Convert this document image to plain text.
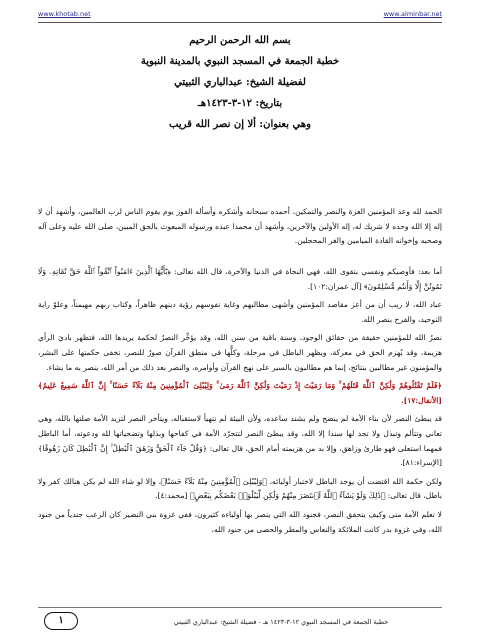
www.khotab.net	www.alminbar.net
بسم الله الرحمن الرحيم
خطبة الجمعة في المسجد النبوي بالمدينة النبوية
لفضيلة الشيخ: عبدالباري الثبيتي
بتاريخ: ١٢-٣-١٤٢٣هـ
وهي بعنوان: ألا إن نصر الله قريب

الحمد لله وعد المؤمنين العزة والنصر والتمكين، أحمده سبحانه وأشكره وأسأله الفوز يوم يقوم الناس لرب العالمين، وأشهد أن لا إله إلا الله وحده لا شريك له، إله الأولين والآخرين، وأشهد أن محمدا عبده ورسوله المبعوث بالحق المبين، صلى الله عليه وعلى آله وصحبه وإخوانه القادة الميامين والغر المحجلين.

أما بعد: فأوصيكم ونفسي بتقوى الله، فهي النجاة في الدنيا والآخرة، قال الله تعالى: ﴿يَٰٓأَيُّهَا ٱلَّذِينَ ءَامَنُواْ ٱتَّقُواْ ٱللَّهَ حَقَّ تُقَاتِهِۦ وَلَا تَمُوتُنَّ إِلَّا وَأَنتُم مُّسْلِمُونَ﴾ [آل عمران:١٠٢].

عباد الله، لا ريب أن من أعز مقاصد المؤمنين وأشهى مطالبهم وغاية نفوسهم رؤية دينهم ظاهراً، وكتاب ربهم مهيمناً، وعلوّ راية التوحيد، والفرح بنصر الله.

نصرُ الله للمؤمنين حقيقة من حقائق الوجود، وسنة باقية من سنن الله، وقد يؤخِّر النصرُ لحكمة يريدها الله، فتظهر باديَ الرأي هزيمة، وقد يُهزم الحق في معركة، ويظهر الباطل في مرحلة، وكلُّها في منطق القرآن صورٌ للنصر، تخفى حكمتها على البشر، والمؤمنون غير مطالبين بنتائج، إنما هم مطالبون بالسير على نهج القرآن وأوامره، والنصر بعد ذلك من أمر الله، ينصر به ما يشاء.

﴿فَلَمْ تَقْتُلُوهُمْ وَلَٰكِنَّ ٱللَّهَ قَتَلَهُمْ ۚ وَمَا رَمَيْتَ إِذْ رَمَيْتَ وَلَٰكِنَّ ٱللَّهَ رَمَىٰ ۚ وَلِيُبْلِىَ ٱلْمُؤْمِنِينَ مِنْهُ بَلَآءً حَسَنًا ۚ إِنَّ ٱللَّهَ سَمِيعٌ عَلِيمٌ﴾ [الأنفال:١٧].

قد يبطئ النصر لأن بناء الأمة لم ينضج ولم يشتد ساعده، ولأن البيئة لم تتهيأ لاستقباله، ويتأخر النصر لتزيد الأمة صلتها بالله، وهي تعاني وتتألم وتبذل ولا تجد لها سندا إلا الله، وقد يبطئ النصر لتتجرّد الأمة في كفاحها وبذلها وتضحياتها لله ودعوته، أما الباطل فمهما استعلى فهو طارئ وزاهق، وإلا بد من هزيمته أمام الحق، قال تعالى: ﴿وَقُلْ جَآءَ ٱلْحَقُّ وَزَهَقَ ٱلْبَٰطِلُ ۚ إِنَّ ٱلْبَٰطِلَ كَانَ زَهُوقًا﴾ [الإسراء:٨١].

ولكن حكمة الله اقتضت أن يوجد الباطل لاختبار أوليائه، ﴿وَلِيُبْلِىَ ٱلْمُؤْمِنِينَ مِنْهُ بَلَآءً حَسَنًا﴾، وإلا لو شاء الله لم يكن هنالك كفر ولا باطل، قال تعالى: ﴿ذَٰلِكَ وَلَوْ يَشَآءُ ٱللَّهُ لَٱنتَصَرَ مِنْهُمْ وَلَٰكِن لِّيَبْلُوَا۟ بَعْضَكُم بِبَعْضٍ﴾ [محمد:٤].

لا تعلم الأمة متى وكيف يتحقق النصر، فجنود الله التي ينصر بها أولياءه كثيرون، ففي غزوة بني النضير كان الرعب جندياً من جنود الله، وفي غزوة بدر كانت الملائكة والنعاس والمطر والحصى من جنود الله،

خطبة الجمعة في المسجد النبوي ١٢-٣-١٤٢٣ هـ - فضيلة الشيخ: عبدالباري الثبيتي
١
